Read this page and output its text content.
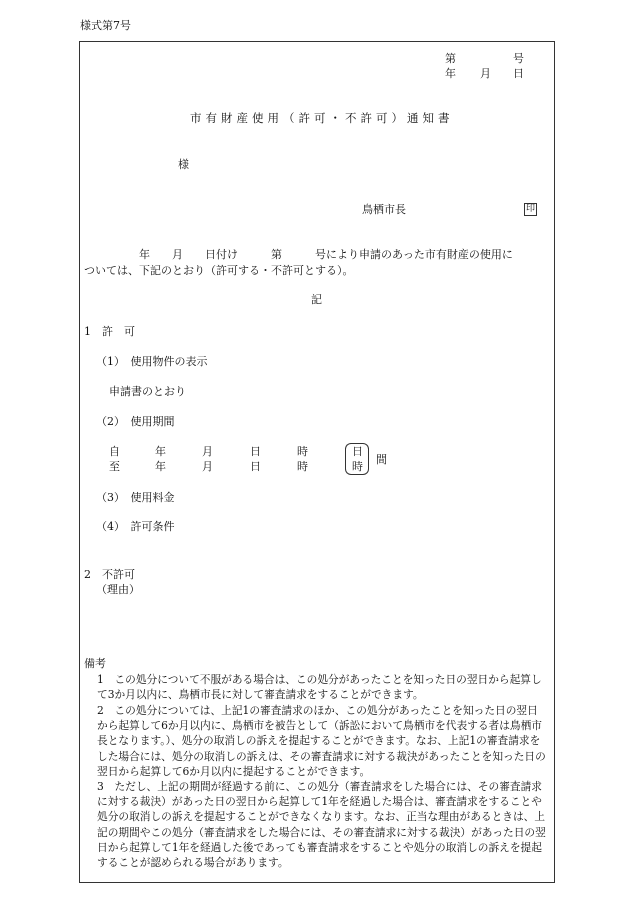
様式第7号
第	号
年 月 日
市有財産使用（許可・不許可）通知書
様
鳥栖市長	印
　　　　　年　　月　　日付け　　　第　　　号により申請のあった市有財産の使用に
ついては、下記のとおり（許可する・不許可とする）。
記
1　許　可
（1）　使用物件の表示
申請書のとおり
（2）　使用期間
自	年	月	日	時
至	年	月	日	時
日
時
間
（3）　使用料金
（4）　許可条件
2　不許可
（理由）
備考
1　この処分について不服がある場合は、この処分があったことを知った日の翌日から起算して3か月以内に、鳥栖市長に対して審査請求をすることができます。
2　この処分については、上記1の審査請求のほか、この処分があったことを知った日の翌日から起算して6か月以内に、鳥栖市を被告として（訴訟において鳥栖市を代表する者は鳥栖市長となります。）、処分の取消しの訴えを提起することができます。なお、上記1の審査請求をした場合には、処分の取消しの訴えは、その審査請求に対する裁決があったことを知った日の翌日から起算して6か月以内に提起することができます。
3　ただし、上記の期間が経過する前に、この処分（審査請求をした場合には、その審査請求に対する裁決）があった日の翌日から起算して1年を経過した場合は、審査請求をすることや処分の取消しの訴えを提起することができなくなります。なお、正当な理由があるときは、上記の期間やこの処分（審査請求をした場合には、その審査請求に対する裁決）があった日の翌日から起算して1年を経過した後であっても審査請求をすることや処分の取消しの訴えを提起することが認められる場合があります。
